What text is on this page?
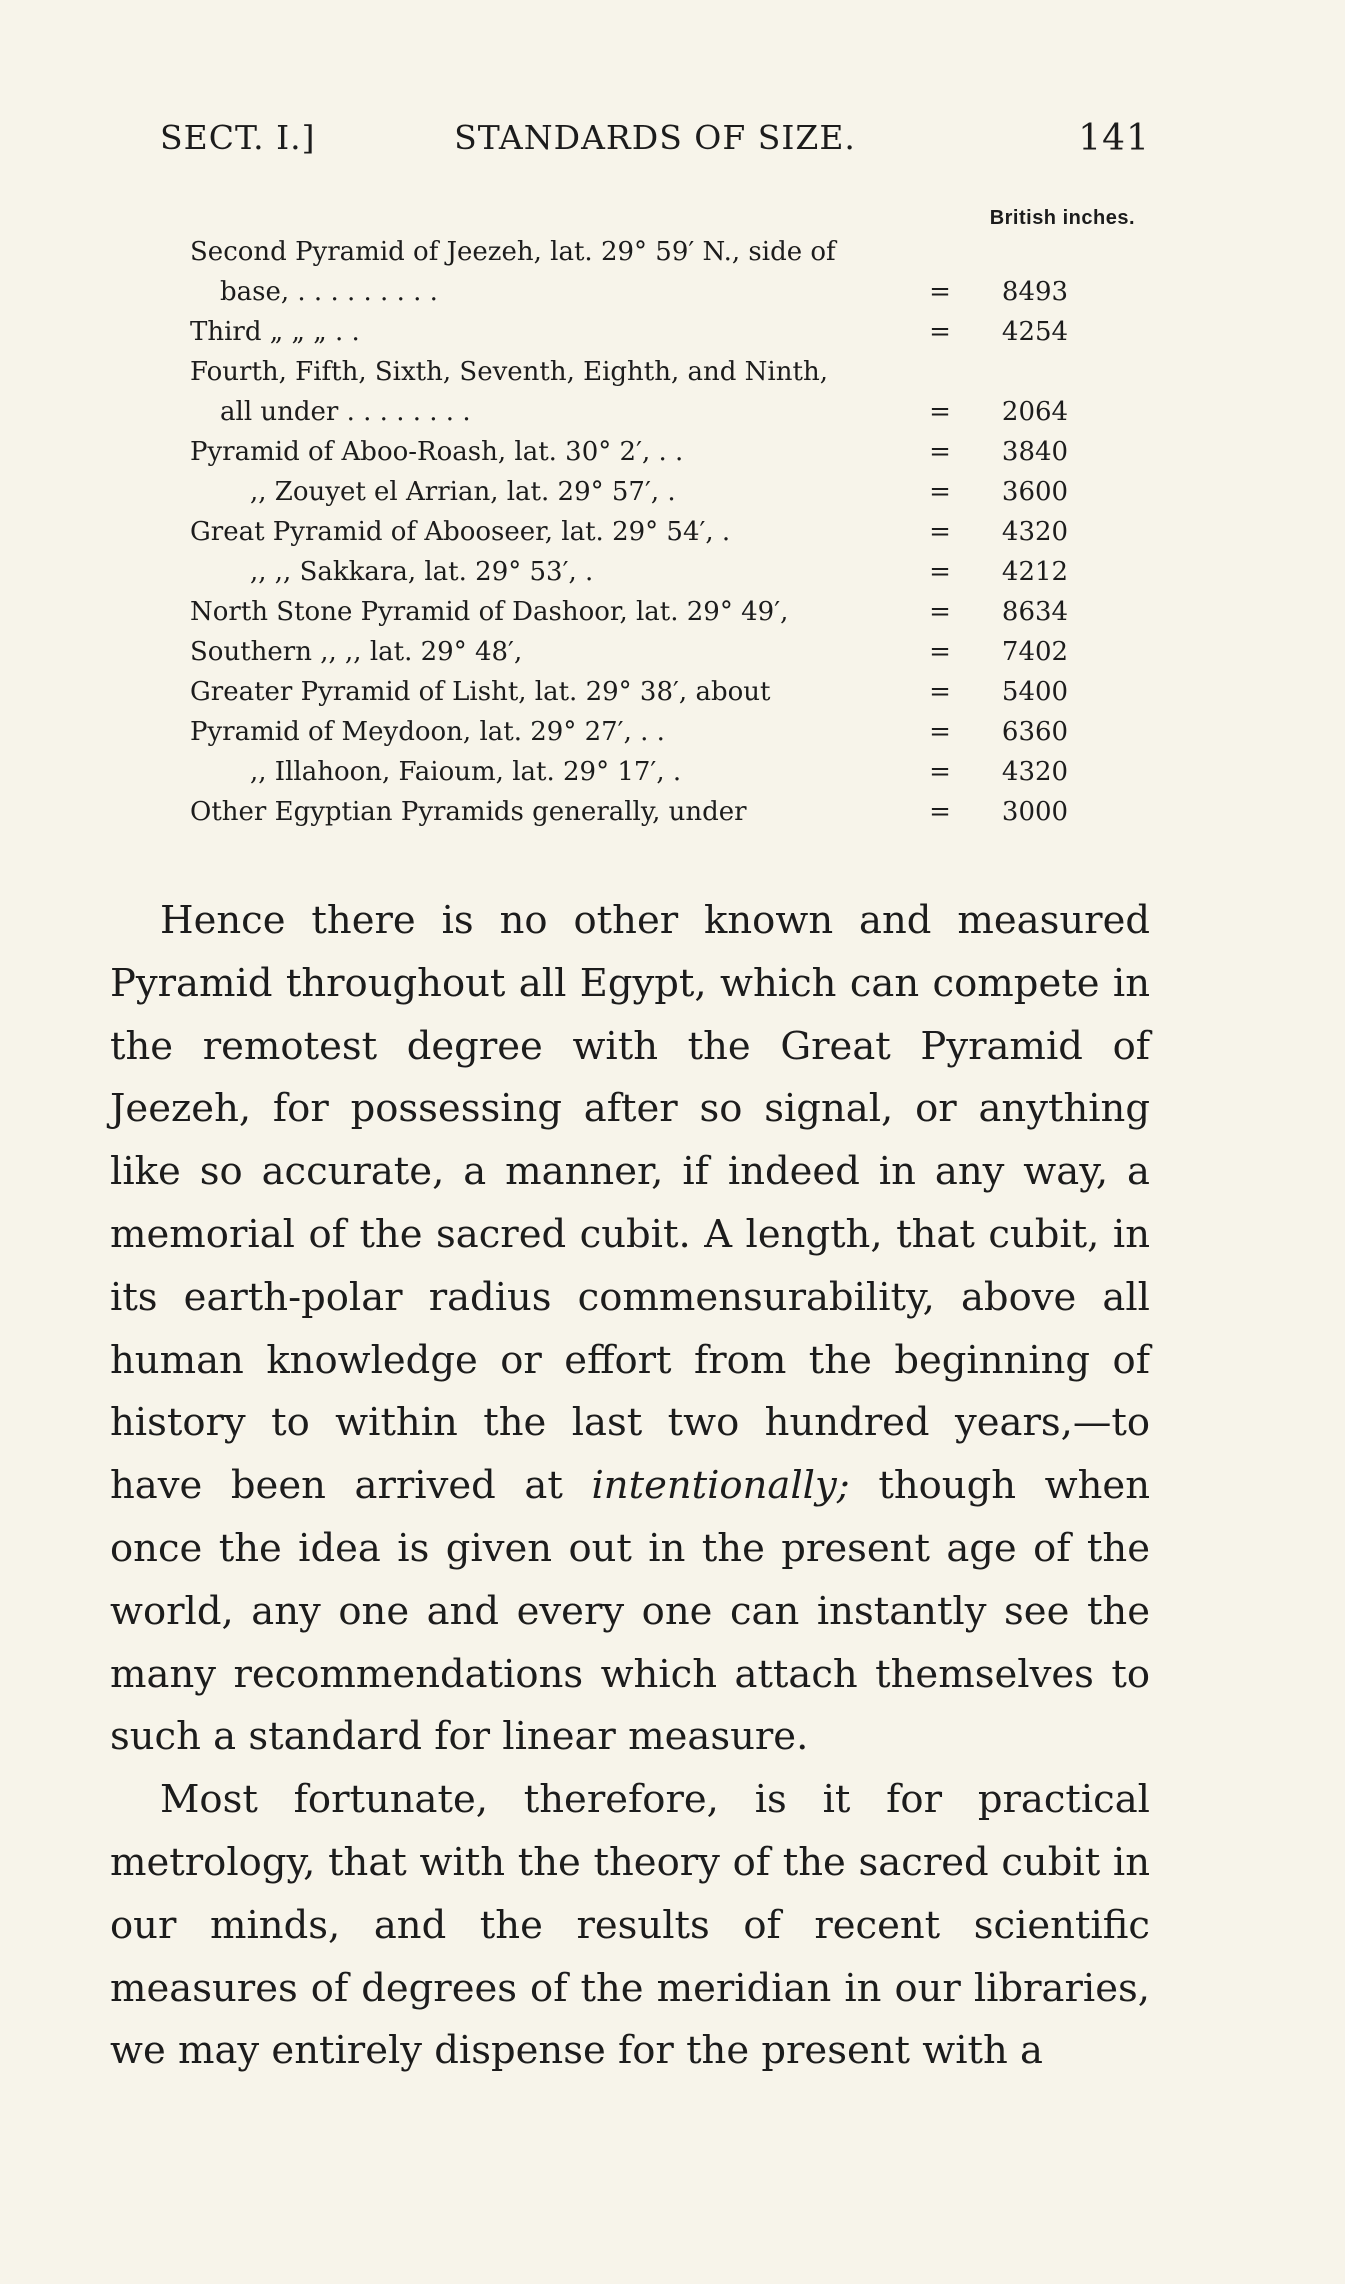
SECT. I.]	STANDARDS OF SIZE.	141
British inches.
Second Pyramid of Jeezeh, lat. 29° 59′ N., side of
base, . . . . . . . . .	=	8493
Third „ „ „ . .	=	4254
Fourth, Fifth, Sixth, Seventh, Eighth, and Ninth,
all under . . . . . . . .	=	2064
Pyramid of Aboo-Roash, lat. 30° 2′, . .	=	3840
,, Zouyet el Arrian, lat. 29° 57′, .	=	3600
Great Pyramid of Abooseer, lat. 29° 54′, .	=	4320
,, ,, Sakkara, lat. 29° 53′, .	=	4212
North Stone Pyramid of Dashoor, lat. 29° 49′,	=	8634
Southern ,, ,, lat. 29° 48′,	=	7402
Greater Pyramid of Lisht, lat. 29° 38′, about	=	5400
Pyramid of Meydoon, lat. 29° 27′, . .	=	6360
,, Illahoon, Faioum, lat. 29° 17′, .	=	4320
Other Egyptian Pyramids generally, under	=	3000

Hence there is no other known and measured Pyramid throughout all Egypt, which can compete in the remotest degree with the Great Pyramid of Jeezeh, for possessing after so signal, or anything like so accurate, a manner, if indeed in any way, a memorial of the sacred cubit. A length, that cubit, in its earth-polar radius commensurability, above all human knowledge or effort from the beginning of history to within the last two hundred years,—to have been arrived at intentionally; though when once the idea is given out in the present age of the world, any one and every one can instantly see the many recommendations which attach themselves to such a standard for linear measure.

Most fortunate, therefore, is it for practical metrology, that with the theory of the sacred cubit in our minds, and the results of recent scientific measures of degrees of the meridian in our libraries, we may entirely dispense for the present with a
